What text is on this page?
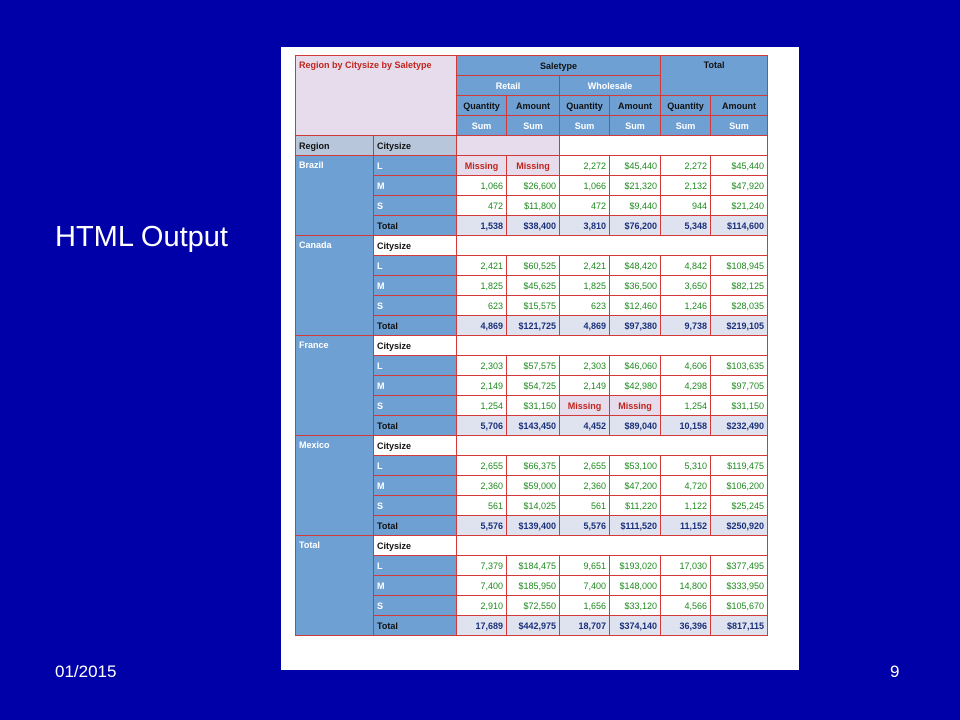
HTML Output
01/2015	9
Region by Citysize by Saletype		Saletype				Total	
		Retail		Wholesale			
		Quantity	Amount	Quantity	Amount	Quantity	Amount
		Sum	Sum	Sum	Sum	Sum	Sum
Region	Citysize						
Brazil	L	Missing	Missing	2,272	$45,440	2,272	$45,440
	M	1,066	$26,600	1,066	$21,320	2,132	$47,920
	S	472	$11,800	472	$9,440	944	$21,240
	Total	1,538	$38,400	3,810	$76,200	5,348	$114,600
Canada	Citysize						
	L	2,421	$60,525	2,421	$48,420	4,842	$108,945
	M	1,825	$45,625	1,825	$36,500	3,650	$82,125
	S	623	$15,575	623	$12,460	1,246	$28,035
	Total	4,869	$121,725	4,869	$97,380	9,738	$219,105
France	Citysize						
	L	2,303	$57,575	2,303	$46,060	4,606	$103,635
	M	2,149	$54,725	2,149	$42,980	4,298	$97,705
	S	1,254	$31,150	Missing	Missing	1,254	$31,150
	Total	5,706	$143,450	4,452	$89,040	10,158	$232,490
Mexico	Citysize						
	L	2,655	$66,375	2,655	$53,100	5,310	$119,475
	M	2,360	$59,000	2,360	$47,200	4,720	$106,200
	S	561	$14,025	561	$11,220	1,122	$25,245
	Total	5,576	$139,400	5,576	$111,520	11,152	$250,920
Total	Citysize						
	L	7,379	$184,475	9,651	$193,020	17,030	$377,495
	M	7,400	$185,950	7,400	$148,000	14,800	$333,950
	S	2,910	$72,550	1,656	$33,120	4,566	$105,670
	Total	17,689	$442,975	18,707	$374,140	36,396	$817,115
